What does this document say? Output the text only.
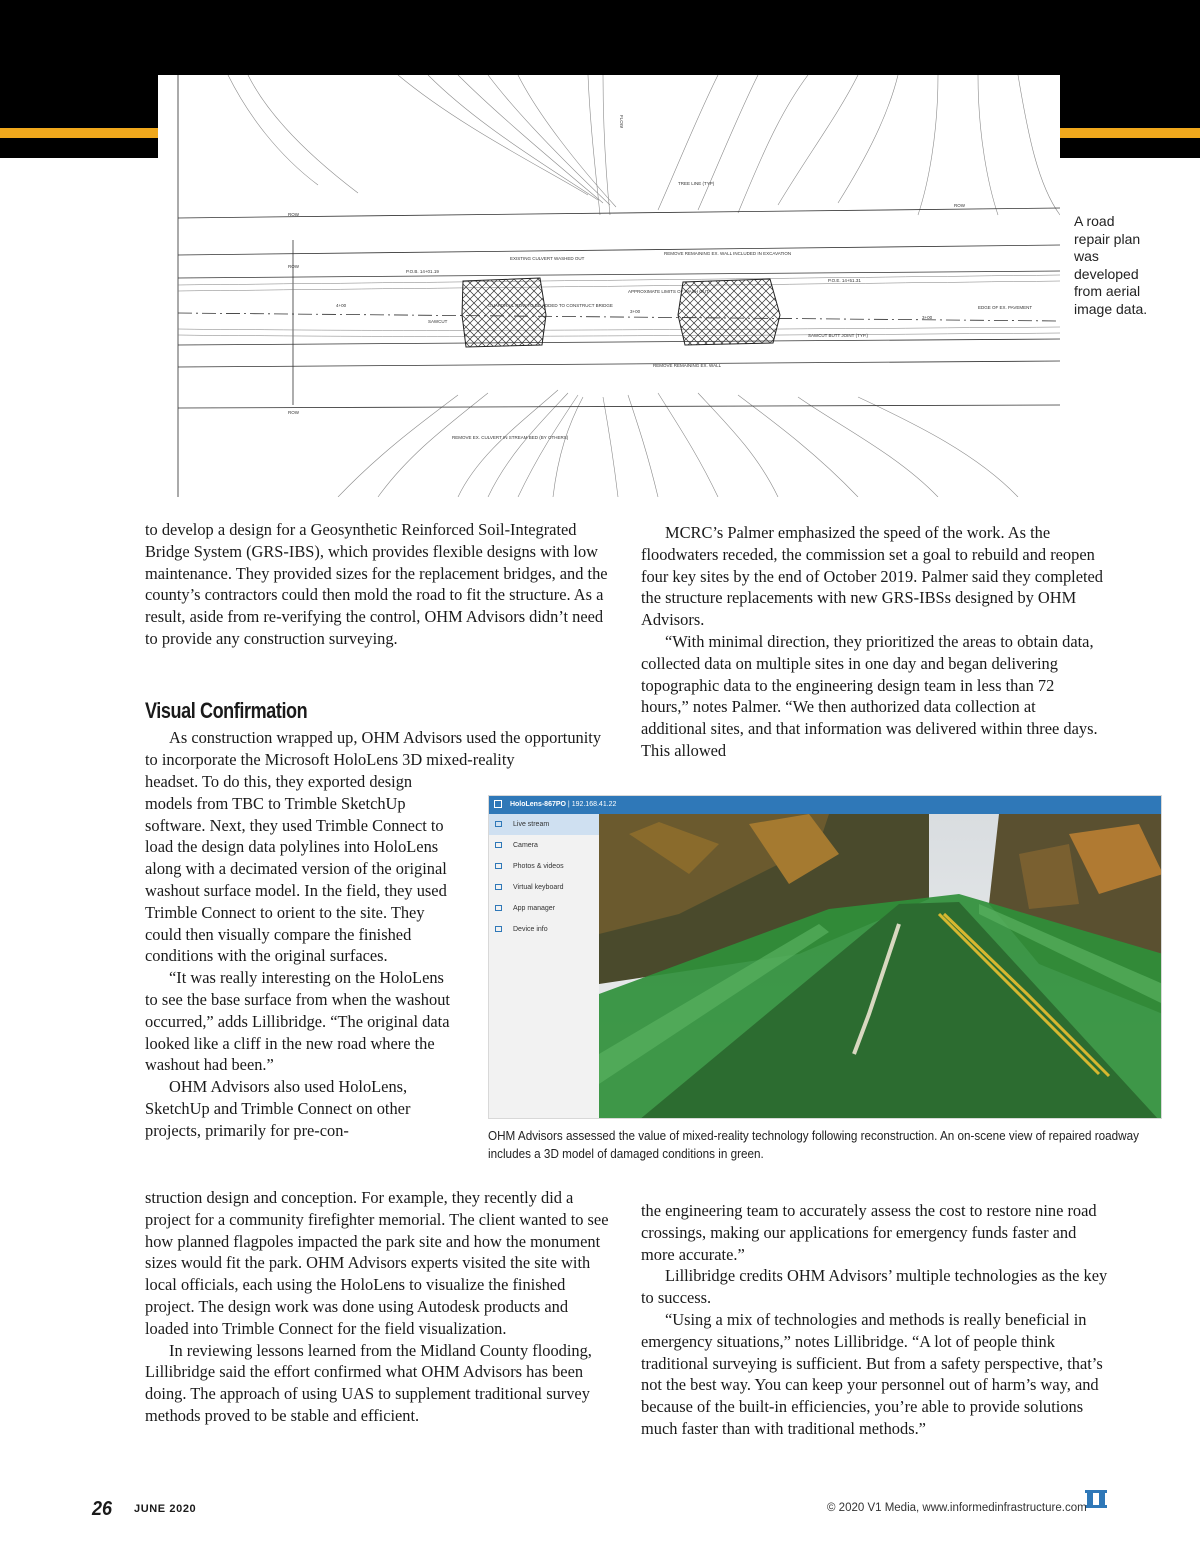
ROW
ROW
ROW
P.O.B. 14+01.19
EXISTING CULVERT WASHED OUT
REMOVE REMAINING EX. WALL INCLUDED IN EXCAVATION
ROW
APPROXIMATE LIMITS OF WASH OUT
P.O.E. 14+51.31
GUARDRAIL ROW TO BE ADDED TO CONSTRUCT BRIDGE
3+00
3+00
4+00
SAWCUT
SAWCUT BUTT JOINT (TYP.)
EDGE OF EX. PAVEMENT
REMOVE REMAINING EX. WALL
REMOVE EX. CULVERT IN STREAM BED (BY OTHERS)
TREE LINE (TYP)
FLOW
A road repair plan was developed from aerial image data.

to develop a design for a Geosynthetic Reinforced Soil-Integrated Bridge System (GRS-IBS), which provides flexible designs with low maintenance. They provided sizes for the replacement bridges, and the county’s contractors could then mold the road to fit the structure. As a result, aside from re-verifying the control, OHM Advisors didn’t need to provide any construction surveying.

Visual Confirmation

As construction wrapped up, OHM Advisors used the opportunity to incorporate the Microsoft HoloLens 3D mixed-reality

headset. To do this, they exported design models from TBC to Trimble SketchUp software. Next, they used Trimble Connect to load the design data polylines into HoloLens along with a decimated version of the original washout surface model. In the field, they used Trimble Connect to orient to the site. They could then visually compare the finished conditions with the original surfaces.

“It was really interesting on the HoloLens to see the base surface from when the washout occurred,” adds Lillibridge. “The original data looked like a cliff in the new road where the washout had been.”

OHM Advisors also used HoloLens, SketchUp and Trimble Connect on other projects, primarily for pre-con-

struction design and conception. For example, they recently did a project for a community firefighter memorial. The client wanted to see how planned flagpoles impacted the park site and how the monument sizes would fit the park. OHM Advisors experts visited the site with local officials, each using the HoloLens to visualize the finished project. The design work was done using Autodesk products and loaded into Trimble Connect for the field visualization.

In reviewing lessons learned from the Midland County flooding, Lillibridge said the effort confirmed what OHM Advisors has been doing. The approach of using UAS to supplement traditional survey methods proved to be stable and efficient.

MCRC’s Palmer emphasized the speed of the work. As the floodwaters receded, the commission set a goal to rebuild and reopen four key sites by the end of October 2019. Palmer said they completed the structure replacements with new GRS-IBSs designed by OHM Advisors.

“With minimal direction, they prioritized the areas to obtain data, collected data on multiple sites in one day and began delivering topographic data to the engineering design team in less than 72 hours,” notes Palmer. “We then authorized data collection at additional sites, and that information was delivered within three days. This allowed

the engineering team to accurately assess the cost to restore nine road crossings, making our applications for emergency funds faster and more accurate.”

Lillibridge credits OHM Advisors’ multiple technologies as the key to success.

“Using a mix of technologies and methods is really beneficial in emergency situations,” notes Lillibridge. “A lot of people think traditional surveying is sufficient. But from a safety perspective, that’s not the best way. You can keep your personnel out of harm’s way, and because of the built-in efficiencies, you’re able to provide solutions much faster than with traditional methods.”

HoloLens-867PO | 192.168.41.22
Live stream
Camera
Photos & videos
Virtual keyboard
App manager
Device info
OHM Advisors assessed the value of mixed-reality technology following reconstruction. An on-scene view of repaired roadway includes a 3D model of damaged conditions in green.
26 JUNE 2020	© 2020 V1 Media, www.informedinfrastructure.com
